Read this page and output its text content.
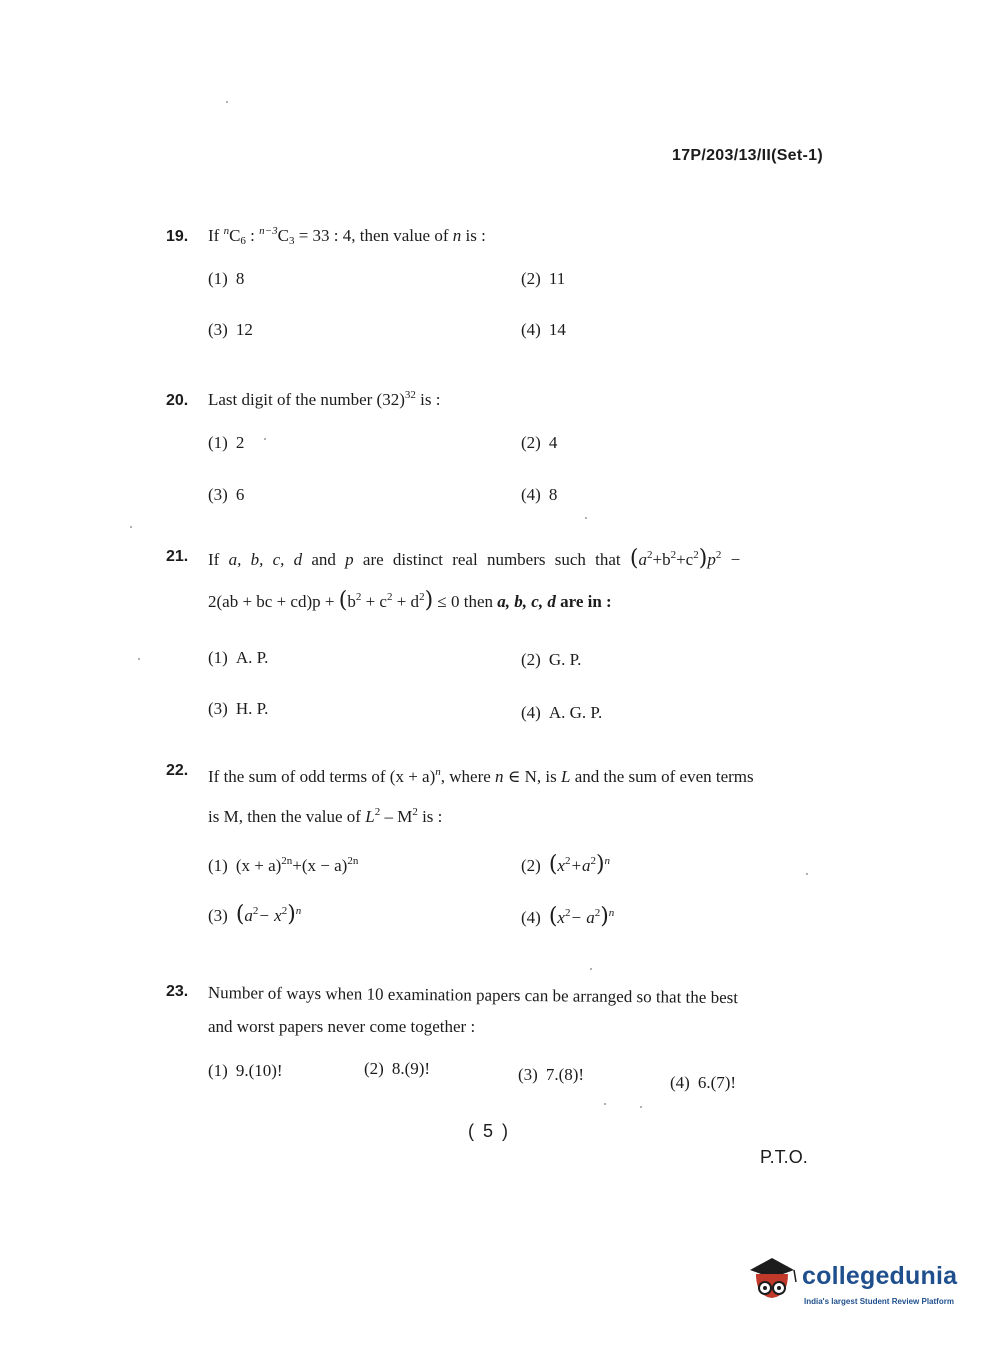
17P/203/13/II(Set-1)
19. If $^nC_6$ : $^{n-3}C_3 = 33$ : 4, then value of n is :
(1) 8	(2) 11
(3) 12	(4) 14
20. Last digit of the number $(32)^{32}$ is :
(1) 2	(2) 4
(3) 6	(4) 8
21. If a, b, c, d and p are distinct real numbers such that $(a^2+b^2+c^2)p^2$ −
2(ab + bc + $cd)p + (b^2 + c^2 + d^2) \le 0$ then a, b, c, d are in :
(1) A. P.	(2) G. P.
(3) H. P.	(4) A. G. P.
22. If the sum of odd terms of $(x + a)^n$, where n ∈ N, is L and the sum of even terms
is M, then the value of $L^2 - M^2$ is :
(1) $(x + a)^{2n}+(x - a)^{2n}$	(2) $(x^2+a^2)^n$
(3) $(a^2- x^2)^n$	(4) $(x^2- a^2)^n$
23. Number of ways when 10 examination papers can be arranged so that the best
and worst papers never come together :
(1) 9.(10)!	(2) 8.(9)!	(3) 7.(8)!	(4) 6.(7)!
( 5 )
P.T.O.
collegedunia
India's largest Student Review Platform
